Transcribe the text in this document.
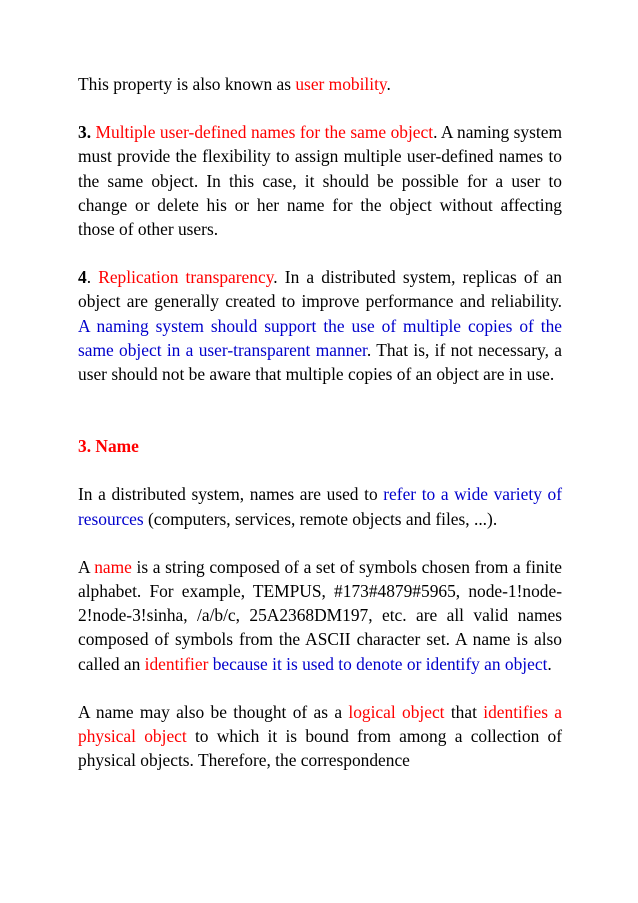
This property is also known as user mobility.

3. Multiple user-defined names for the same object. A naming system must provide the flexibility to assign multiple user-defined names to the same object. In this case, it should be possible for a user to change or delete his or her name for the object without affecting those of other users.

4. Replication transparency. In a distributed system, replicas of an object are generally created to improve performance and reliability. A naming system should support the use of multiple copies of the same object in a user-transparent manner. That is, if not necessary, a user should not be aware that multiple copies of an object are in use.

3. Name

In a distributed system, names are used to refer to a wide variety of resources (computers, services, remote objects and files, ...).

A name is a string composed of a set of symbols chosen from a finite alphabet. For example, TEMPUS, #173#4879#5965, node-1!node-2!node-3!sinha, /a/b/c, 25A2368DM197, etc. are all valid names composed of symbols from the ASCII character set. A name is also called an identifier because it is used to denote or identify an object.

A name may also be thought of as a logical object that identifies a physical object to which it is bound from among a collection of physical objects. Therefore, the correspondence
